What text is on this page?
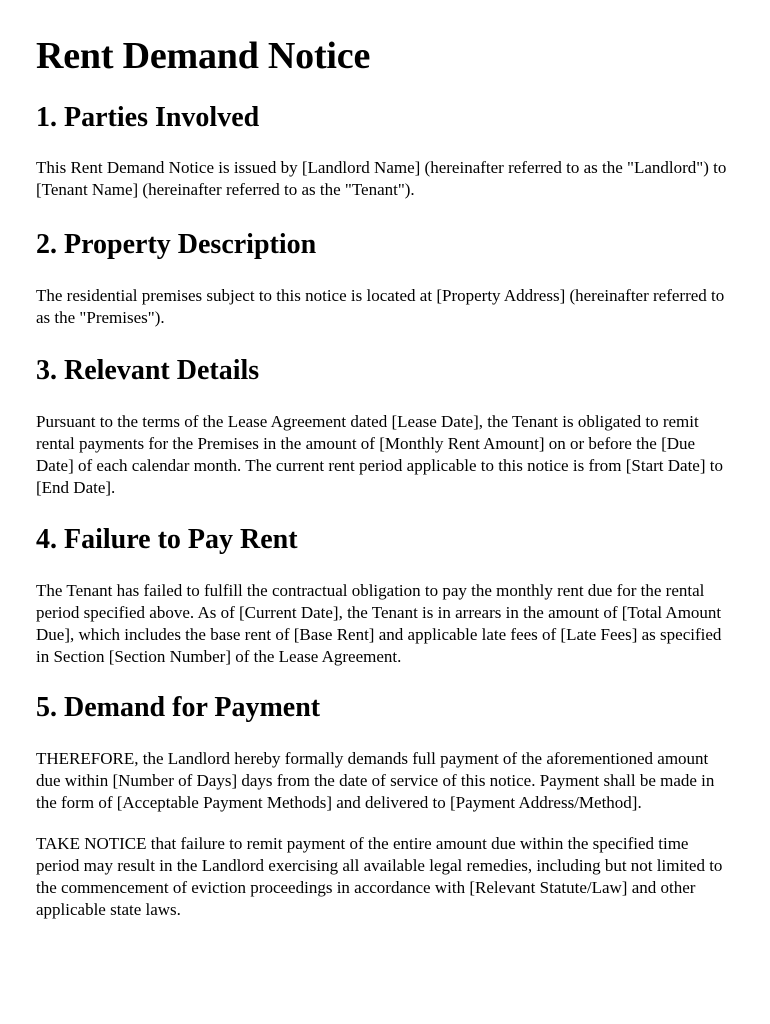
Rent Demand Notice
1. Parties Involved

This Rent Demand Notice is issued by [Landlord Name] (hereinafter referred to as the "Landlord") to [Tenant Name] (hereinafter referred to as the "Tenant").

2. Property Description

The residential premises subject to this notice is located at [Property Address] (hereinafter referred to as the "Premises").

3. Relevant Details

Pursuant to the terms of the Lease Agreement dated [Lease Date], the Tenant is obligated to remit rental payments for the Premises in the amount of [Monthly Rent Amount] on or before the [Due Date] of each calendar month. The current rent period applicable to this notice is from [Start Date] to [End Date].

4. Failure to Pay Rent

The Tenant has failed to fulfill the contractual obligation to pay the monthly rent due for the rental period specified above. As of [Current Date], the Tenant is in arrears in the amount of [Total Amount Due], which includes the base rent of [Base Rent] and applicable late fees of [Late Fees] as specified in Section [Section Number] of the Lease Agreement.

5. Demand for Payment

THEREFORE, the Landlord hereby formally demands full payment of the aforementioned amount due within [Number of Days] days from the date of service of this notice. Payment shall be made in the form of [Acceptable Payment Methods] and delivered to [Payment Address/Method].

TAKE NOTICE that failure to remit payment of the entire amount due within the specified time period may result in the Landlord exercising all available legal remedies, including but not limited to the commencement of eviction proceedings in accordance with [Relevant Statute/Law] and other applicable state laws.
